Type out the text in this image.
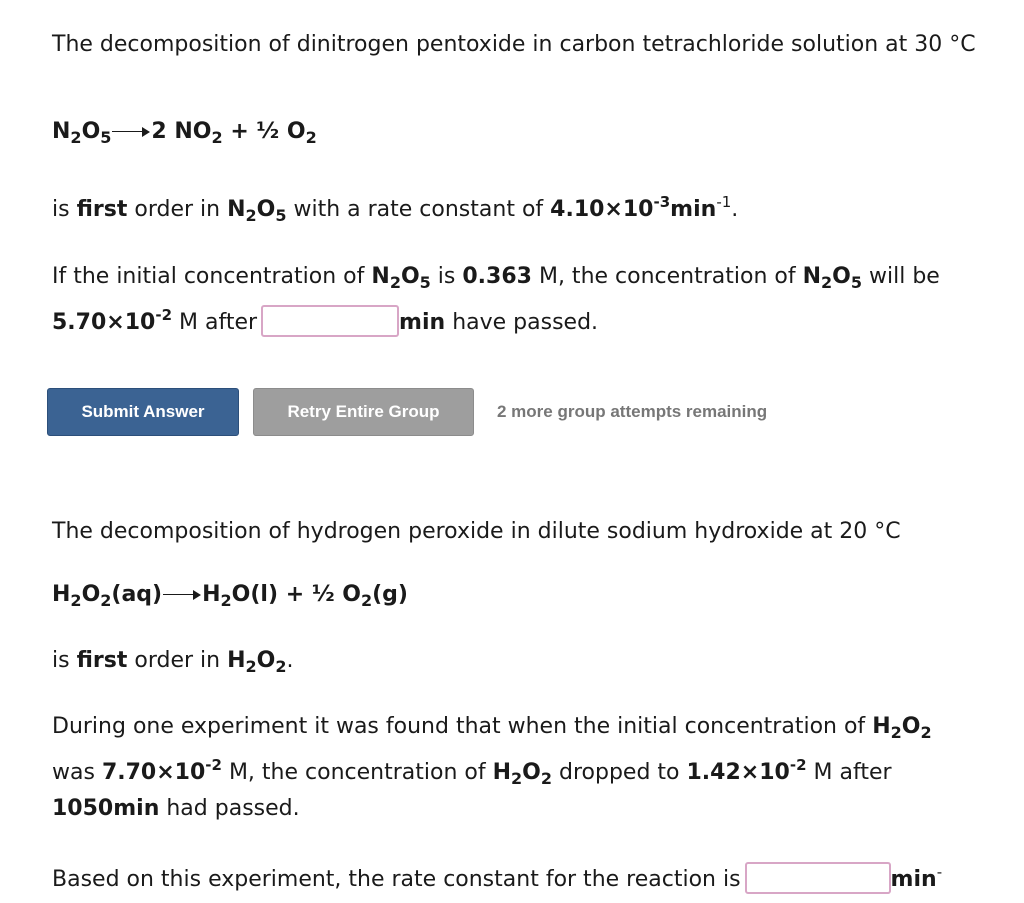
The decomposition of dinitrogen pentoxide in carbon tetrachloride solution at 30 °C
$N_2O_5$ 2 $NO_2$ + ½ $O_2$
is first order in $N_2O_5$ with a rate constant of $4.10\times 10^{-3}\min^{-1}$.
If the initial concentration of $N_2O_5$ is 0.363 M, the concentration of $N_2O_5$ will be
$5.70\times 10^{-2}$ M after	min have passed.
Submit Answer	Retry Entire Group	2 more group attempts remaining
The decomposition of hydrogen peroxide in dilute sodium hydroxide at 20 °C
$H_2O_2(aq) H_2O(l)$ + ½ $O_2(g)$
is first order in $H_2O_2$.
During one experiment it was found that when the initial concentration of $H_2O_2$
was $7.70\times 10^{-2}$ M, the concentration of $H_2O_2$ dropped to $1.42\times 10^{-2}$ M after
1050min had passed.
Based on this experiment, the rate constant for the reaction is	min-
